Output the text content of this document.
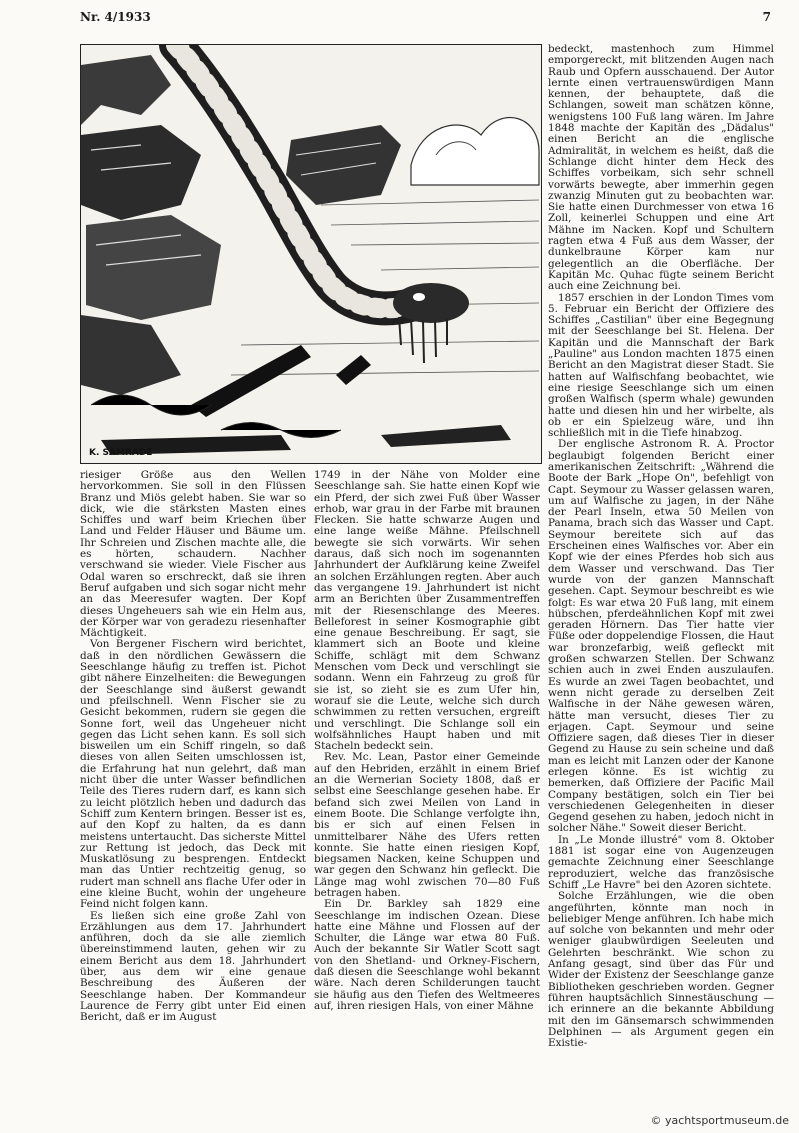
Nr. 4/1933	7
K. SAMRADE

riesiger Größe aus den Wellen hervorkommen. Sie soll in den Flüssen Branz und Miös gelebt haben. Sie war so dick, wie die stärksten Masten eines Schiffes und warf beim Kriechen über Land und Felder Häuser und Bäume um. Ihr Schreien und Zischen machte alle, die es hörten, schaudern. Nachher verschwand sie wieder. Viele Fischer aus Odal waren so erschreckt, daß sie ihren Beruf aufgaben und sich sogar nicht mehr an das Meeresufer wagten. Der Kopf dieses Ungeheuers sah wie ein Helm aus, der Körper war von geradezu riesenhafter Mächtigkeit.

Von Bergener Fischern wird berichtet, daß in den nördlichen Gewässern die Seeschlange häufig zu treffen ist. Pichot gibt nähere Einzelheiten: die Bewegungen der Seeschlange sind äußerst gewandt und pfeilschnell. Wenn Fischer sie zu Gesicht bekommen, rudern sie gegen die Sonne fort, weil das Ungeheuer nicht gegen das Licht sehen kann. Es soll sich bisweilen um ein Schiff ringeln, so daß dieses von allen Seiten umschlossen ist, die Erfahrung hat nun gelehrt, daß man nicht über die unter Wasser befindlichen Teile des Tieres rudern darf, es kann sich zu leicht plötzlich heben und dadurch das Schiff zum Kentern bringen. Besser ist es, auf den Kopf zu halten, da es dann meistens untertaucht. Das sicherste Mittel zur Rettung ist jedoch, das Deck mit Muskatlösung zu besprengen. Entdeckt man das Untier rechtzeitig genug, so rudert man schnell ans flache Ufer oder in eine kleine Bucht, wohin der ungeheure Feind nicht folgen kann.

Es ließen sich eine große Zahl von Erzählungen aus dem 17. Jahrhundert anführen, doch da sie alle ziemlich übereinstimmend lauten, gehen wir zu einem Bericht aus dem 18. Jahrhundert über, aus dem wir eine genaue Beschreibung des Äußeren der Seeschlange haben. Der Kommandeur Laurence de Ferry gibt unter Eid einen Bericht, daß er im August

1749 in der Nähe von Molder eine Seeschlange sah. Sie hatte einen Kopf wie ein Pferd, der sich zwei Fuß über Wasser erhob, war grau in der Farbe mit braunen Flecken. Sie hatte schwarze Augen und eine lange weiße Mähne. Pfeilschnell bewegte sie sich vorwärts. Wir sehen daraus, daß sich noch im sogenannten Jahrhundert der Aufklärung keine Zweifel an solchen Erzählungen regten. Aber auch das vergangene 19. Jahrhundert ist nicht arm an Berichten über Zusammentreffen mit der Riesenschlange des Meeres. Belleforest in seiner Kosmographie gibt eine genaue Beschreibung. Er sagt, sie klammert sich an Boote und kleine Schiffe, schlägt mit dem Schwanz Menschen vom Deck und verschlingt sie sodann. Wenn ein Fahrzeug zu groß für sie ist, so zieht sie es zum Ufer hin, worauf sie die Leute, welche sich durch schwimmen zu retten versuchen, ergreift und verschlingt. Die Schlange soll ein wolfsähnliches Haupt haben und mit Stacheln bedeckt sein.

Rev. Mc. Lean, Pastor einer Gemeinde auf den Hebriden, erzählt in einem Brief an die Wernerian Society 1808, daß er selbst eine Seeschlange gesehen habe. Er befand sich zwei Meilen von Land in einem Boote. Die Schlange verfolgte ihn, bis er sich auf einen Felsen in unmittelbarer Nähe des Ufers retten konnte. Sie hatte einen riesigen Kopf, biegsamen Nacken, keine Schuppen und war gegen den Schwanz hin gefleckt. Die Länge mag wohl zwischen 70—80 Fuß betragen haben.

Ein Dr. Barkley sah 1829 eine Seeschlange im indischen Ozean. Diese hatte eine Mähne und Flossen auf der Schulter, die Länge war etwa 80 Fuß. Auch der bekannte Sir Watler Scott sagt von den Shetland- und Orkney-Fischern, daß diesen die Seeschlange wohl bekannt wäre. Nach deren Schilderungen taucht sie häufig aus den Tiefen des Weltmeeres auf, ihren riesigen Hals, von einer Mähne

bedeckt, mastenhoch zum Himmel emporgereckt, mit blitzenden Augen nach Raub und Opfern ausschauend. Der Autor lernte einen vertrauenswürdigen Mann kennen, der behauptete, daß die Schlangen, soweit man schätzen könne, wenigstens 100 Fuß lang wären. Im Jahre 1848 machte der Kapitän des „Dädalus" einen Bericht an die englische Admiralität, in welchem es heißt, daß die Schlange dicht hinter dem Heck des Schiffes vorbeikam, sich sehr schnell vorwärts bewegte, aber immerhin gegen zwanzig Minuten gut zu beobachten war. Sie hatte einen Durchmesser von etwa 16 Zoll, keinerlei Schuppen und eine Art Mähne im Nacken. Kopf und Schultern ragten etwa 4 Fuß aus dem Wasser, der dunkelbraune Körper kam nur gelegentlich an die Oberfläche. Der Kapitän Mc. Quhac fügte seinem Bericht auch eine Zeichnung bei.

1857 erschien in der London Times vom 5. Februar ein Bericht der Offiziere des Schiffes „Castilian" über eine Begegnung mit der Seeschlange bei St. Helena. Der Kapitän und die Mannschaft der Bark „Pauline" aus London machten 1875 einen Bericht an den Magistrat dieser Stadt. Sie hatten auf Walfischfang beobachtet, wie eine riesige Seeschlange sich um einen großen Walfisch (sperm whale) gewunden hatte und diesen hin und her wirbelte, als ob er ein Spielzeug wäre, und ihn schließlich mit in die Tiefe hinabzog.

Der englische Astronom R. A. Proctor beglaubigt folgenden Bericht einer amerikanischen Zeitschrift: „Während die Boote der Bark „Hope On", befehligt von Capt. Seymour zu Wasser gelassen waren, um auf Walfische zu jagen, in der Nähe der Pearl Inseln, etwa 50 Meilen von Panama, brach sich das Wasser und Capt. Seymour bereitete sich auf das Erscheinen eines Walfisches vor. Aber ein Kopf wie der eines Pferdes hob sich aus dem Wasser und verschwand. Das Tier wurde von der ganzen Mannschaft gesehen. Capt. Seymour beschreibt es wie folgt: Es war etwa 20 Fuß lang, mit einem hübschen, pferdeähnlichen Kopf mit zwei geraden Hörnern. Das Tier hatte vier Füße oder doppelendige Flossen, die Haut war bronzefarbig, weiß gefleckt mit großen schwarzen Stellen. Der Schwanz schien auch in zwei Enden auszulaufen. Es wurde an zwei Tagen beobachtet, und wenn nicht gerade zu derselben Zeit Walfische in der Nähe gewesen wären, hätte man versucht, dieses Tier zu erjagen. Capt. Seymour und seine Offiziere sagen, daß dieses Tier in dieser Gegend zu Hause zu sein scheine und daß man es leicht mit Lanzen oder der Kanone erlegen könne. Es ist wichtig zu bemerken, daß Offiziere der Pacific Mail Company bestätigen, solch ein Tier bei verschiedenen Gelegenheiten in dieser Gegend gesehen zu haben, jedoch nicht in solcher Nähe." Soweit dieser Bericht.

In „Le Monde illustré" vom 8. Oktober 1881 ist sogar eine von Augenzeugen gemachte Zeichnung einer Seeschlange reproduziert, welche das französische Schiff „Le Havre" bei den Azoren sichtete.

Solche Erzählungen, wie die oben angeführten, könnte man noch in beliebiger Menge anführen. Ich habe mich auf solche von bekannten und mehr oder weniger glaubwürdigen Seeleuten und Gelehrten beschränkt. Wie schon zu Anfang gesagt, sind über das Für und Wider der Existenz der Seeschlange ganze Bibliotheken geschrieben worden. Gegner führen hauptsächlich Sinnestäuschung — ich erinnere an die bekannte Abbildung mit den im Gänsemarsch schwimmenden Delphinen — als Argument gegen ein Existie-

© yachtsportmuseum.de
